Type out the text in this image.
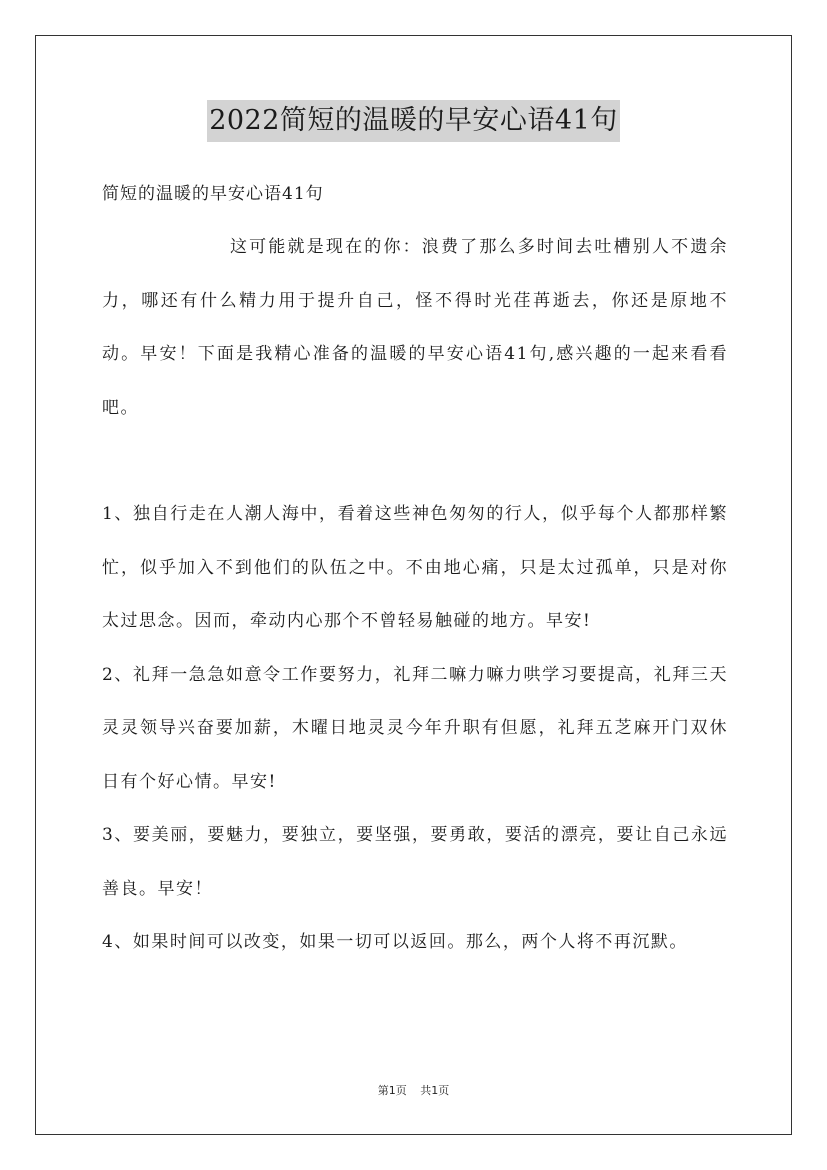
2022简短的温暖的早安心语41句

简短的温暖的早安心语41句

这可能就是现在的你：浪费了那么多时间去吐槽别人不遗余力，哪还有什么精力用于提升自己，怪不得时光荏苒逝去，你还是原地不动。早安！下面是我精心准备的温暖的早安心语41句,感兴趣的一起来看看吧。

1、独自行走在人潮人海中，看着这些神色匆匆的行人，似乎每个人都那样繁忙，似乎加入不到他们的队伍之中。不由地心痛，只是太过孤单，只是对你太过思念。因而，牵动内心那个不曾轻易触碰的地方。早安!

2、礼拜一急急如意令工作要努力，礼拜二嘛力嘛力哄学习要提高，礼拜三天灵灵领导兴奋要加薪，木曜日地灵灵今年升职有但愿，礼拜五芝麻开门双休日有个好心情。早安!

3、要美丽，要魅力，要独立，要坚强，要勇敢，要活的漂亮，要让自己永远善良。早安！

4、如果时间可以改变，如果一切可以返回。那么，两个人将不再沉默。

第1页 共1页
